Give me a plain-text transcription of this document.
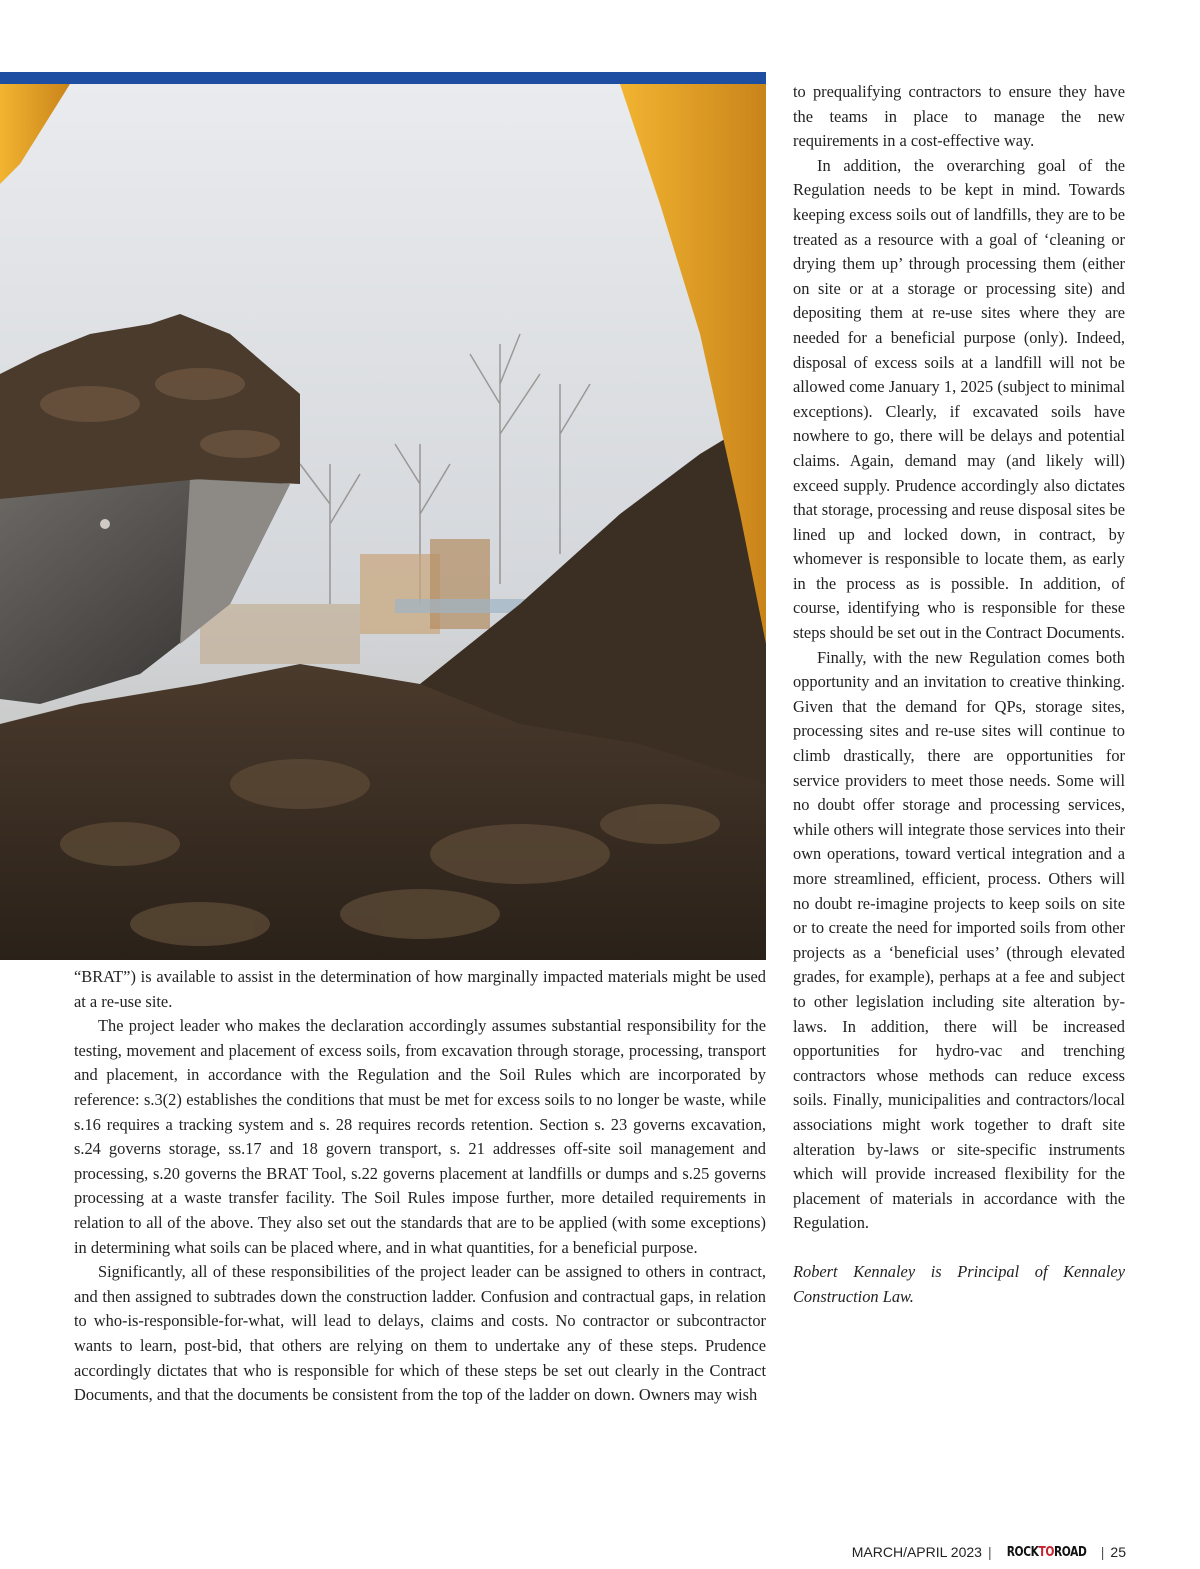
to prequalifying contractors to ensure they have the teams in place to manage the new requirements in a cost-effective way.

In addition, the overarching goal of the Regulation needs to be kept in mind. Towards keeping excess soils out of landfills, they are to be treated as a resource with a goal of ‘cleaning or drying them up’ through processing them (either on site or at a storage or processing site) and depositing them at re-use sites where they are needed for a beneficial purpose (only). Indeed, disposal of excess soils at a landfill will not be allowed come January 1, 2025 (subject to minimal exceptions). Clearly, if excavated soils have nowhere to go, there will be delays and potential claims. Again, demand may (and likely will) exceed supply. Prudence accordingly also dictates that storage, processing and reuse disposal sites be lined up and locked down, in contract, by whomever is responsible to locate them, as early in the process as is possible. In addition, of course, identifying who is responsible for these steps should be set out in the Contract Documents.

Finally, with the new Regulation comes both opportunity and an invitation to creative thinking. Given that the demand for QPs, storage sites, processing sites and re-use sites will continue to climb drastically, there are opportunities for service providers to meet those needs. Some will no doubt offer storage and processing services, while others will integrate those services into their own operations, toward vertical integration and a more streamlined, efficient, process. Others will no doubt re-imagine projects to keep soils on site or to create the need for imported soils from other projects as a ‘beneficial uses’ (through elevated grades, for example), perhaps at a fee and subject to other legislation including site alteration by-laws. In addition, there will be increased opportunities for hydro-vac and trenching contractors whose methods can reduce excess soils. Finally, municipalities and contractors/local associations might work together to draft site alteration by-laws or site-specific instruments which will provide increased flexibility for the placement of materials in accordance with the Regulation.

Robert Kennaley is Principal of Kennaley Construction Law.

“BRAT”) is available to assist in the determination of how marginally impacted materials might be used at a re-use site.

The project leader who makes the declaration accordingly assumes substantial responsibility for the testing, movement and placement of excess soils, from excavation through storage, processing, transport and placement, in accordance with the Regulation and the Soil Rules which are incorporated by reference: s.3(2) establishes the conditions that must be met for excess soils to no longer be waste, while s.16 requires a tracking system and s. 28 requires records retention. Section s. 23 governs excavation, s.24 governs storage, ss.17 and 18 govern transport, s. 21 addresses off-site soil management and processing, s.20 governs the BRAT Tool, s.22 governs placement at landfills or dumps and s.25 governs processing at a waste transfer facility. The Soil Rules impose further, more detailed requirements in relation to all of the above. They also set out the standards that are to be applied (with some exceptions) in determining what soils can be placed where, and in what quantities, for a beneficial purpose.

Significantly, all of these responsibilities of the project leader can be assigned to others in contract, and then assigned to subtrades down the construction ladder. Confusion and contractual gaps, in relation to who-is-responsible-for-what, will lead to delays, claims and costs. No contractor or subcontractor wants to learn, post-bid, that others are relying on them to undertake any of these steps. Prudence accordingly dictates that who is responsible for which of these steps be set out clearly in the Contract Documents, and that the documents be consistent from the top of the ladder on down. Owners may wish

MARCH/APRIL 2023 | ROCKTOROAD | 25
